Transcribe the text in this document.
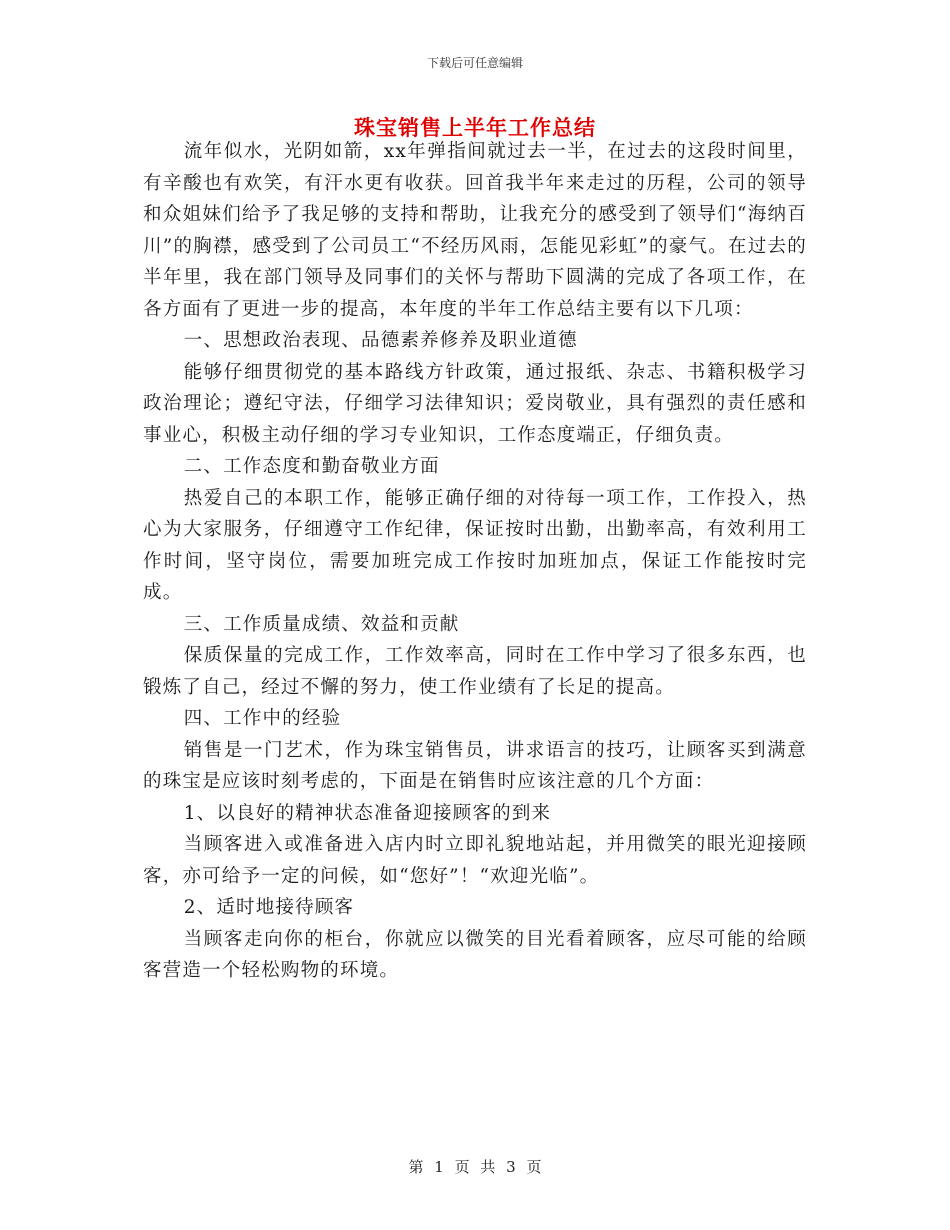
下载后可任意编辑
珠宝销售上半年工作总结

流年似水，光阴如箭，xx年弹指间就过去一半，在过去的这段时间里，有辛酸也有欢笑，有汗水更有收获。回首我半年来走过的历程，公司的领导和众姐妹们给予了我足够的支持和帮助，让我充分的感受到了领导们“海纳百川”的胸襟，感受到了公司员工“不经历风雨，怎能见彩虹”的豪气。在过去的半年里，我在部门领导及同事们的关怀与帮助下圆满的完成了各项工作，在各方面有了更进一步的提高，本年度的半年工作总结主要有以下几项：

一、思想政治表现、品德素养修养及职业道德

能够仔细贯彻党的基本路线方针政策，通过报纸、杂志、书籍积极学习政治理论；遵纪守法，仔细学习法律知识；爱岗敬业，具有强烈的责任感和事业心，积极主动仔细的学习专业知识，工作态度端正，仔细负责。

二、工作态度和勤奋敬业方面

热爱自己的本职工作，能够正确仔细的对待每一项工作，工作投入，热心为大家服务，仔细遵守工作纪律，保证按时出勤，出勤率高，有效利用工作时间，坚守岗位，需要加班完成工作按时加班加点，保证工作能按时完成。

三、工作质量成绩、效益和贡献

保质保量的完成工作，工作效率高，同时在工作中学习了很多东西，也锻炼了自己，经过不懈的努力，使工作业绩有了长足的提高。

四、工作中的经验

销售是一门艺术，作为珠宝销售员，讲求语言的技巧，让顾客买到满意的珠宝是应该时刻考虑的，下面是在销售时应该注意的几个方面：

1、以良好的精神状态准备迎接顾客的到来

当顾客进入或准备进入店内时立即礼貌地站起，并用微笑的眼光迎接顾客，亦可给予一定的问候，如“您好”！“欢迎光临”。

2、适时地接待顾客

当顾客走向你的柜台，你就应以微笑的目光看着顾客，应尽可能的给顾客营造一个轻松购物的环境。

第 1 页 共 3 页
